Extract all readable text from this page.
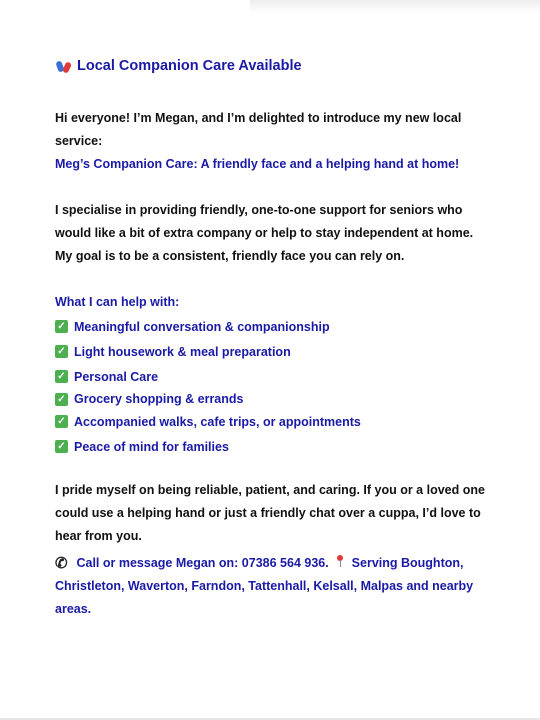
Local Companion Care Available

Hi everyone! I’m Megan, and I’m delighted to introduce my new local service:

Meg’s Companion Care: A friendly face and a helping hand at home!

I specialise in providing friendly, one-to-one support for seniors who would like a bit of extra company or help to stay independent at home. My goal is to be a consistent, friendly face you can rely on.

What I can help with:

✓ Meaningful conversation & companionship
✓ Light housework & meal preparation
✓ Personal Care
✓ Grocery shopping & errands
✓ Accompanied walks, cafe trips, or appointments
✓ Peace of mind for families

I pride myself on being reliable, patient, and caring. If you or a loved one could use a helping hand or just a friendly chat over a cuppa, I’d love to hear from you.

✆ Call or message Megan on: 07386 564 936. Serving Boughton, Christleton, Waverton, Farndon, Tattenhall, Kelsall, Malpas and nearby areas.
